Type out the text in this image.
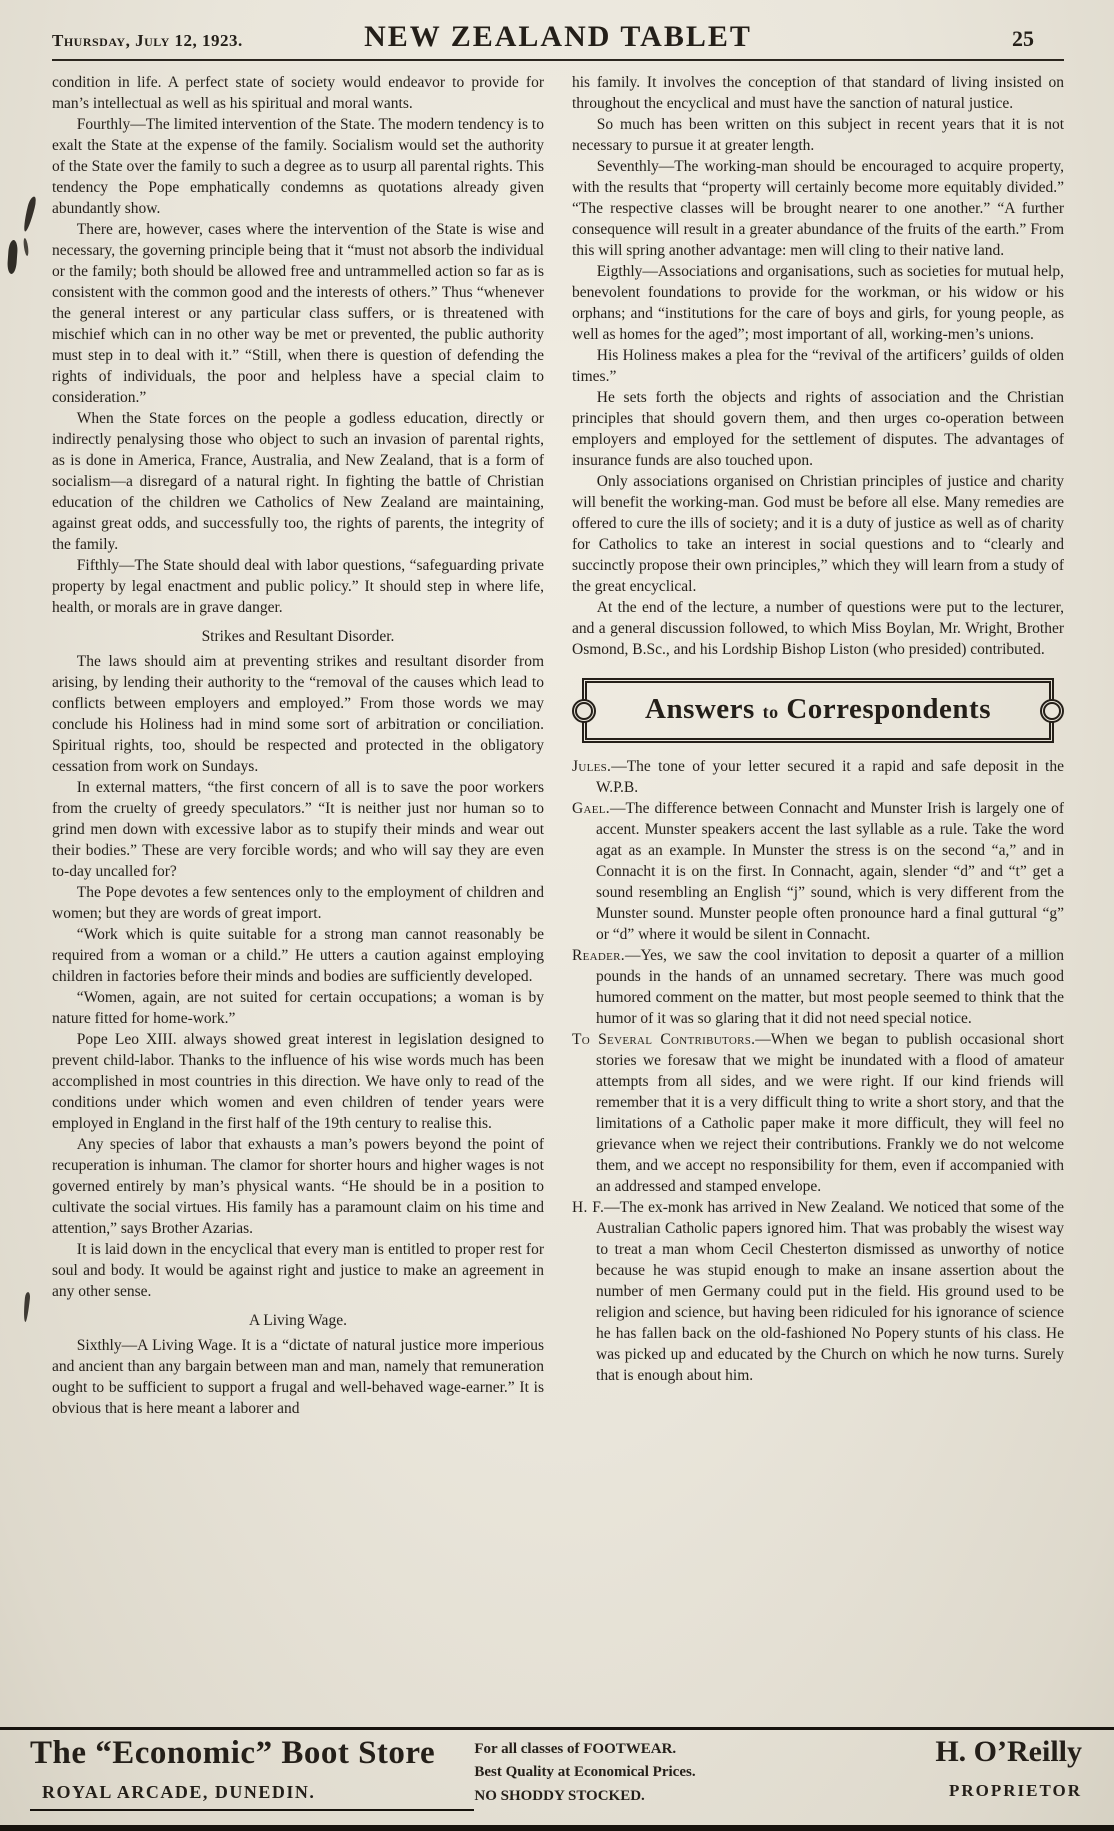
Thursday, July 12, 1923.	NEW ZEALAND TABLET	25

condition in life. A perfect state of society would endeavor to provide for man’s intellectual as well as his spiritual and moral wants.

Fourthly—The limited intervention of the State. The modern tendency is to exalt the State at the expense of the family. Socialism would set the authority of the State over the family to such a degree as to usurp all parental rights. This tendency the Pope emphatically condemns as quotations already given abundantly show.

There are, however, cases where the intervention of the State is wise and necessary, the governing principle being that it “must not absorb the individual or the family; both should be allowed free and untrammelled action so far as is consistent with the common good and the interests of others.” Thus “whenever the general interest or any particular class suffers, or is threatened with mischief which can in no other way be met or prevented, the public authority must step in to deal with it.” “Still, when there is question of defending the rights of individuals, the poor and helpless have a special claim to consideration.”

When the State forces on the people a godless education, directly or indirectly penalysing those who object to such an invasion of parental rights, as is done in America, France, Australia, and New Zealand, that is a form of socialism—a disregard of a natural right. In fighting the battle of Christian education of the children we Catholics of New Zealand are maintaining, against great odds, and successfully too, the rights of parents, the integrity of the family.

Fifthly—The State should deal with labor questions, “safeguarding private property by legal enactment and public policy.” It should step in where life, health, or morals are in grave danger.

Strikes and Resultant Disorder.

The laws should aim at preventing strikes and resultant disorder from arising, by lending their authority to the “removal of the causes which lead to conflicts between employers and employed.” From those words we may conclude his Holiness had in mind some sort of arbitration or conciliation. Spiritual rights, too, should be respected and protected in the obligatory cessation from work on Sundays.

In external matters, “the first concern of all is to save the poor workers from the cruelty of greedy speculators.” “It is neither just nor human so to grind men down with excessive labor as to stupify their minds and wear out their bodies.” These are very forcible words; and who will say they are even to-day uncalled for?

The Pope devotes a few sentences only to the employment of children and women; but they are words of great import.

“Work which is quite suitable for a strong man cannot reasonably be required from a woman or a child.” He utters a caution against employing children in factories before their minds and bodies are sufficiently developed.

“Women, again, are not suited for certain occupations; a woman is by nature fitted for home-work.”

Pope Leo XIII. always showed great interest in legislation designed to prevent child-labor. Thanks to the influence of his wise words much has been accomplished in most countries in this direction. We have only to read of the conditions under which women and even children of tender years were employed in England in the first half of the 19th century to realise this.

Any species of labor that exhausts a man’s powers beyond the point of recuperation is inhuman. The clamor for shorter hours and higher wages is not governed entirely by man’s physical wants. “He should be in a position to cultivate the social virtues. His family has a paramount claim on his time and attention,” says Brother Azarias.

It is laid down in the encyclical that every man is entitled to proper rest for soul and body. It would be against right and justice to make an agreement in any other sense.

A Living Wage.

Sixthly—A Living Wage. It is a “dictate of natural justice more imperious and ancient than any bargain between man and man, namely that remuneration ought to be sufficient to support a frugal and well-behaved wage-earner.” It is obvious that is here meant a laborer and

his family. It involves the conception of that standard of living insisted on throughout the encyclical and must have the sanction of natural justice.

So much has been written on this subject in recent years that it is not necessary to pursue it at greater length.

Seventhly—The working-man should be encouraged to acquire property, with the results that “property will certainly become more equitably divided.” “The respective classes will be brought nearer to one another.” “A further consequence will result in a greater abundance of the fruits of the earth.” From this will spring another advantage: men will cling to their native land.

Eigthly—Associations and organisations, such as societies for mutual help, benevolent foundations to provide for the workman, or his widow or his orphans; and “institutions for the care of boys and girls, for young people, as well as homes for the aged”; most important of all, working-men’s unions.

His Holiness makes a plea for the “revival of the artificers’ guilds of olden times.”

He sets forth the objects and rights of association and the Christian principles that should govern them, and then urges co-operation between employers and employed for the settlement of disputes. The advantages of insurance funds are also touched upon.

Only associations organised on Christian principles of justice and charity will benefit the working-man. God must be before all else. Many remedies are offered to cure the ills of society; and it is a duty of justice as well as of charity for Catholics to take an interest in social questions and to “clearly and succinctly propose their own principles,” which they will learn from a study of the great encyclical.

At the end of the lecture, a number of questions were put to the lecturer, and a general discussion followed, to which Miss Boylan, Mr. Wright, Brother Osmond, B.Sc., and his Lordship Bishop Liston (who presided) contributed.

Answers to Correspondents

Jules.—The tone of your letter secured it a rapid and safe deposit in the W.P.B.

Gael.—The difference between Connacht and Munster Irish is largely one of accent. Munster speakers accent the last syllable as a rule. Take the word agat as an example. In Munster the stress is on the second “a,” and in Connacht it is on the first. In Connacht, again, slender “d” and “t” get a sound resembling an English “j” sound, which is very different from the Munster sound. Munster people often pronounce hard a final guttural “g” or “d” where it would be silent in Connacht.

Reader.—Yes, we saw the cool invitation to deposit a quarter of a million pounds in the hands of an unnamed secretary. There was much good humored comment on the matter, but most people seemed to think that the humor of it was so glaring that it did not need special notice.

To Several Contributors.—When we began to publish occasional short stories we foresaw that we might be inundated with a flood of amateur attempts from all sides, and we were right. If our kind friends will remember that it is a very difficult thing to write a short story, and that the limitations of a Catholic paper make it more difficult, they will feel no grievance when we reject their contributions. Frankly we do not welcome them, and we accept no responsibility for them, even if accompanied with an addressed and stamped envelope.

H. F.—The ex-monk has arrived in New Zealand. We noticed that some of the Australian Catholic papers ignored him. That was probably the wisest way to treat a man whom Cecil Chesterton dismissed as unworthy of notice because he was stupid enough to make an insane assertion about the number of men Germany could put in the field. His ground used to be religion and science, but having been ridiculed for his ignorance of science he has fallen back on the old-fashioned No Popery stunts of his class. He was picked up and educated by the Church on which he now turns. Surely that is enough about him.

The “Economic” Boot Store
ROYAL ARCADE, DUNEDIN.
For all classes of FOOTWEAR.
Best Quality at Economical Prices.
NO SHODDY STOCKED.
H. O’Reilly
PROPRIETOR
